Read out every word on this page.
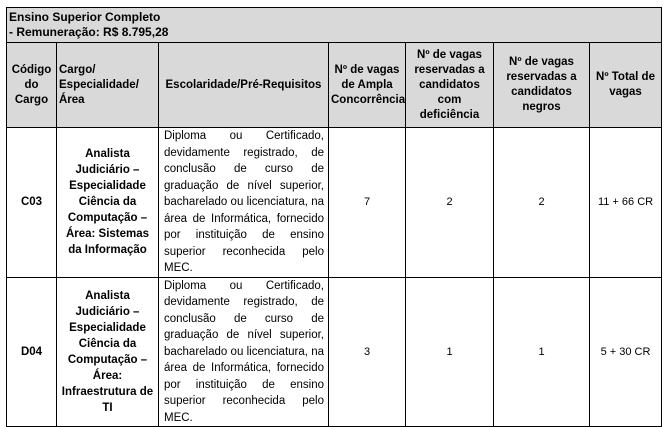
Ensino Superior Completo
- Remuneração: R$ 8.795,28						

Código do Cargo	Cargo/ Especialidade/ Área	Escolaridade/Pré-Requisitos	Nº de vagas de Ampla Concorrência	Nº de vagas reservadas a candidatos com deficiência	Nº de vagas reservadas a candidatos negros	Nº Total de vagas
C03	Analista Judiciário – Especialidade Ciência da Computação – Área: Sistemas da Informação	Diploma ou Certificado, devidamente registrado, de conclusão de curso de graduação de nível superior, bacharelado ou licenciatura, na área de Informática, fornecido por instituição de ensino superior reconhecida pelo MEC.	7	2	2	11 + 66 CR
D04	Analista Judiciário – Especialidade Ciência da Computação – Área: Infraestrutura de TI	Diploma ou Certificado, devidamente registrado, de conclusão de curso de graduação de nível superior, bacharelado ou licenciatura, na área de Informática, fornecido por instituição de ensino superior reconhecida pelo MEC.	3	1	1	5 + 30 CR
